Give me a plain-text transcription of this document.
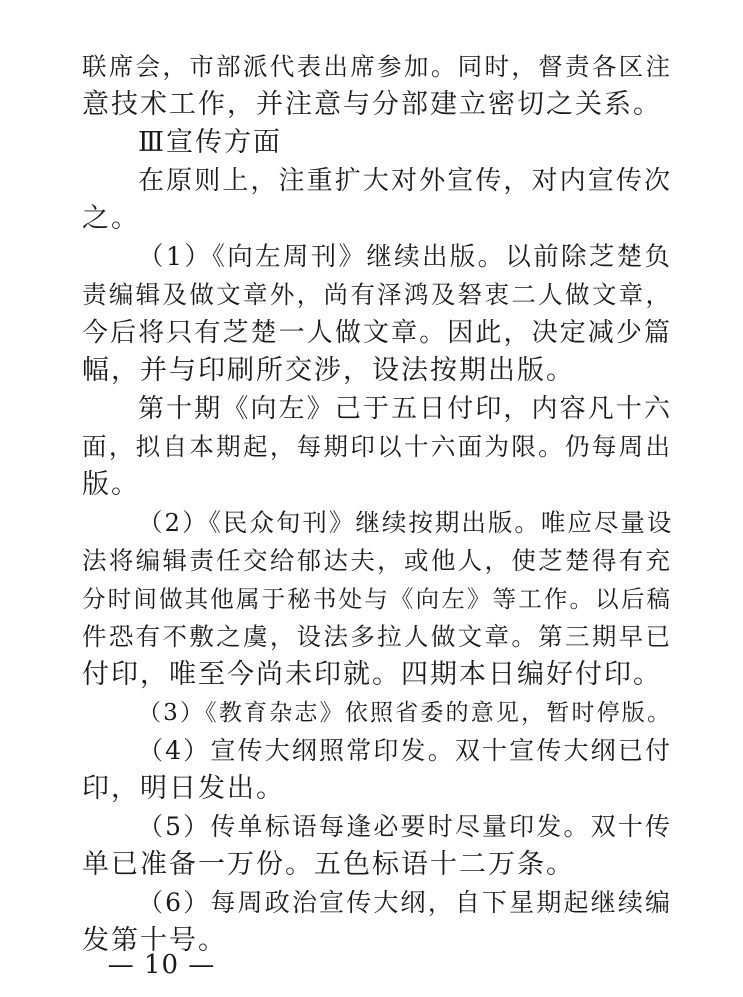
联席会，市部派代表出席参加。同时，督责各区注
意技术工作，并注意与分部建立密切之关系。
Ⅲ宣传方面
在原则上，注重扩大对外宣传，对内宣传次
之。
（1）《向左周刊》继续出版。以前除芝楚负
责编辑及做文章外，尚有泽鸿及砮衷二人做文章，
今后将只有芝楚一人做文章。因此，决定减少篇
幅，并与印刷所交涉，设法按期出版。
第十期《向左》己于五日付印，内容凡十六
面，拟自本期起，每期印以十六面为限。仍每周出
版。
（2）《民众旬刊》继续按期出版。唯应尽量设
法将编辑责任交给郁达夫，或他人，使芝楚得有充
分时间做其他属于秘书处与《向左》等工作。以后稿
件恐有不敷之虞，设法多拉人做文章。第三期早已
付印，唯至今尚未印就。四期本日编好付印。
（3）《教育杂志》依照省委的意见，暂时停版。
（4）宣传大纲照常印发。双十宣传大纲已付
印，明日发出。
（5）传单标语每逢必要时尽量印发。双十传
单已准备一万份。五色标语十二万条。
（6）每周政治宣传大纲，自下星期起继续编
发第十号。
— 10 —
